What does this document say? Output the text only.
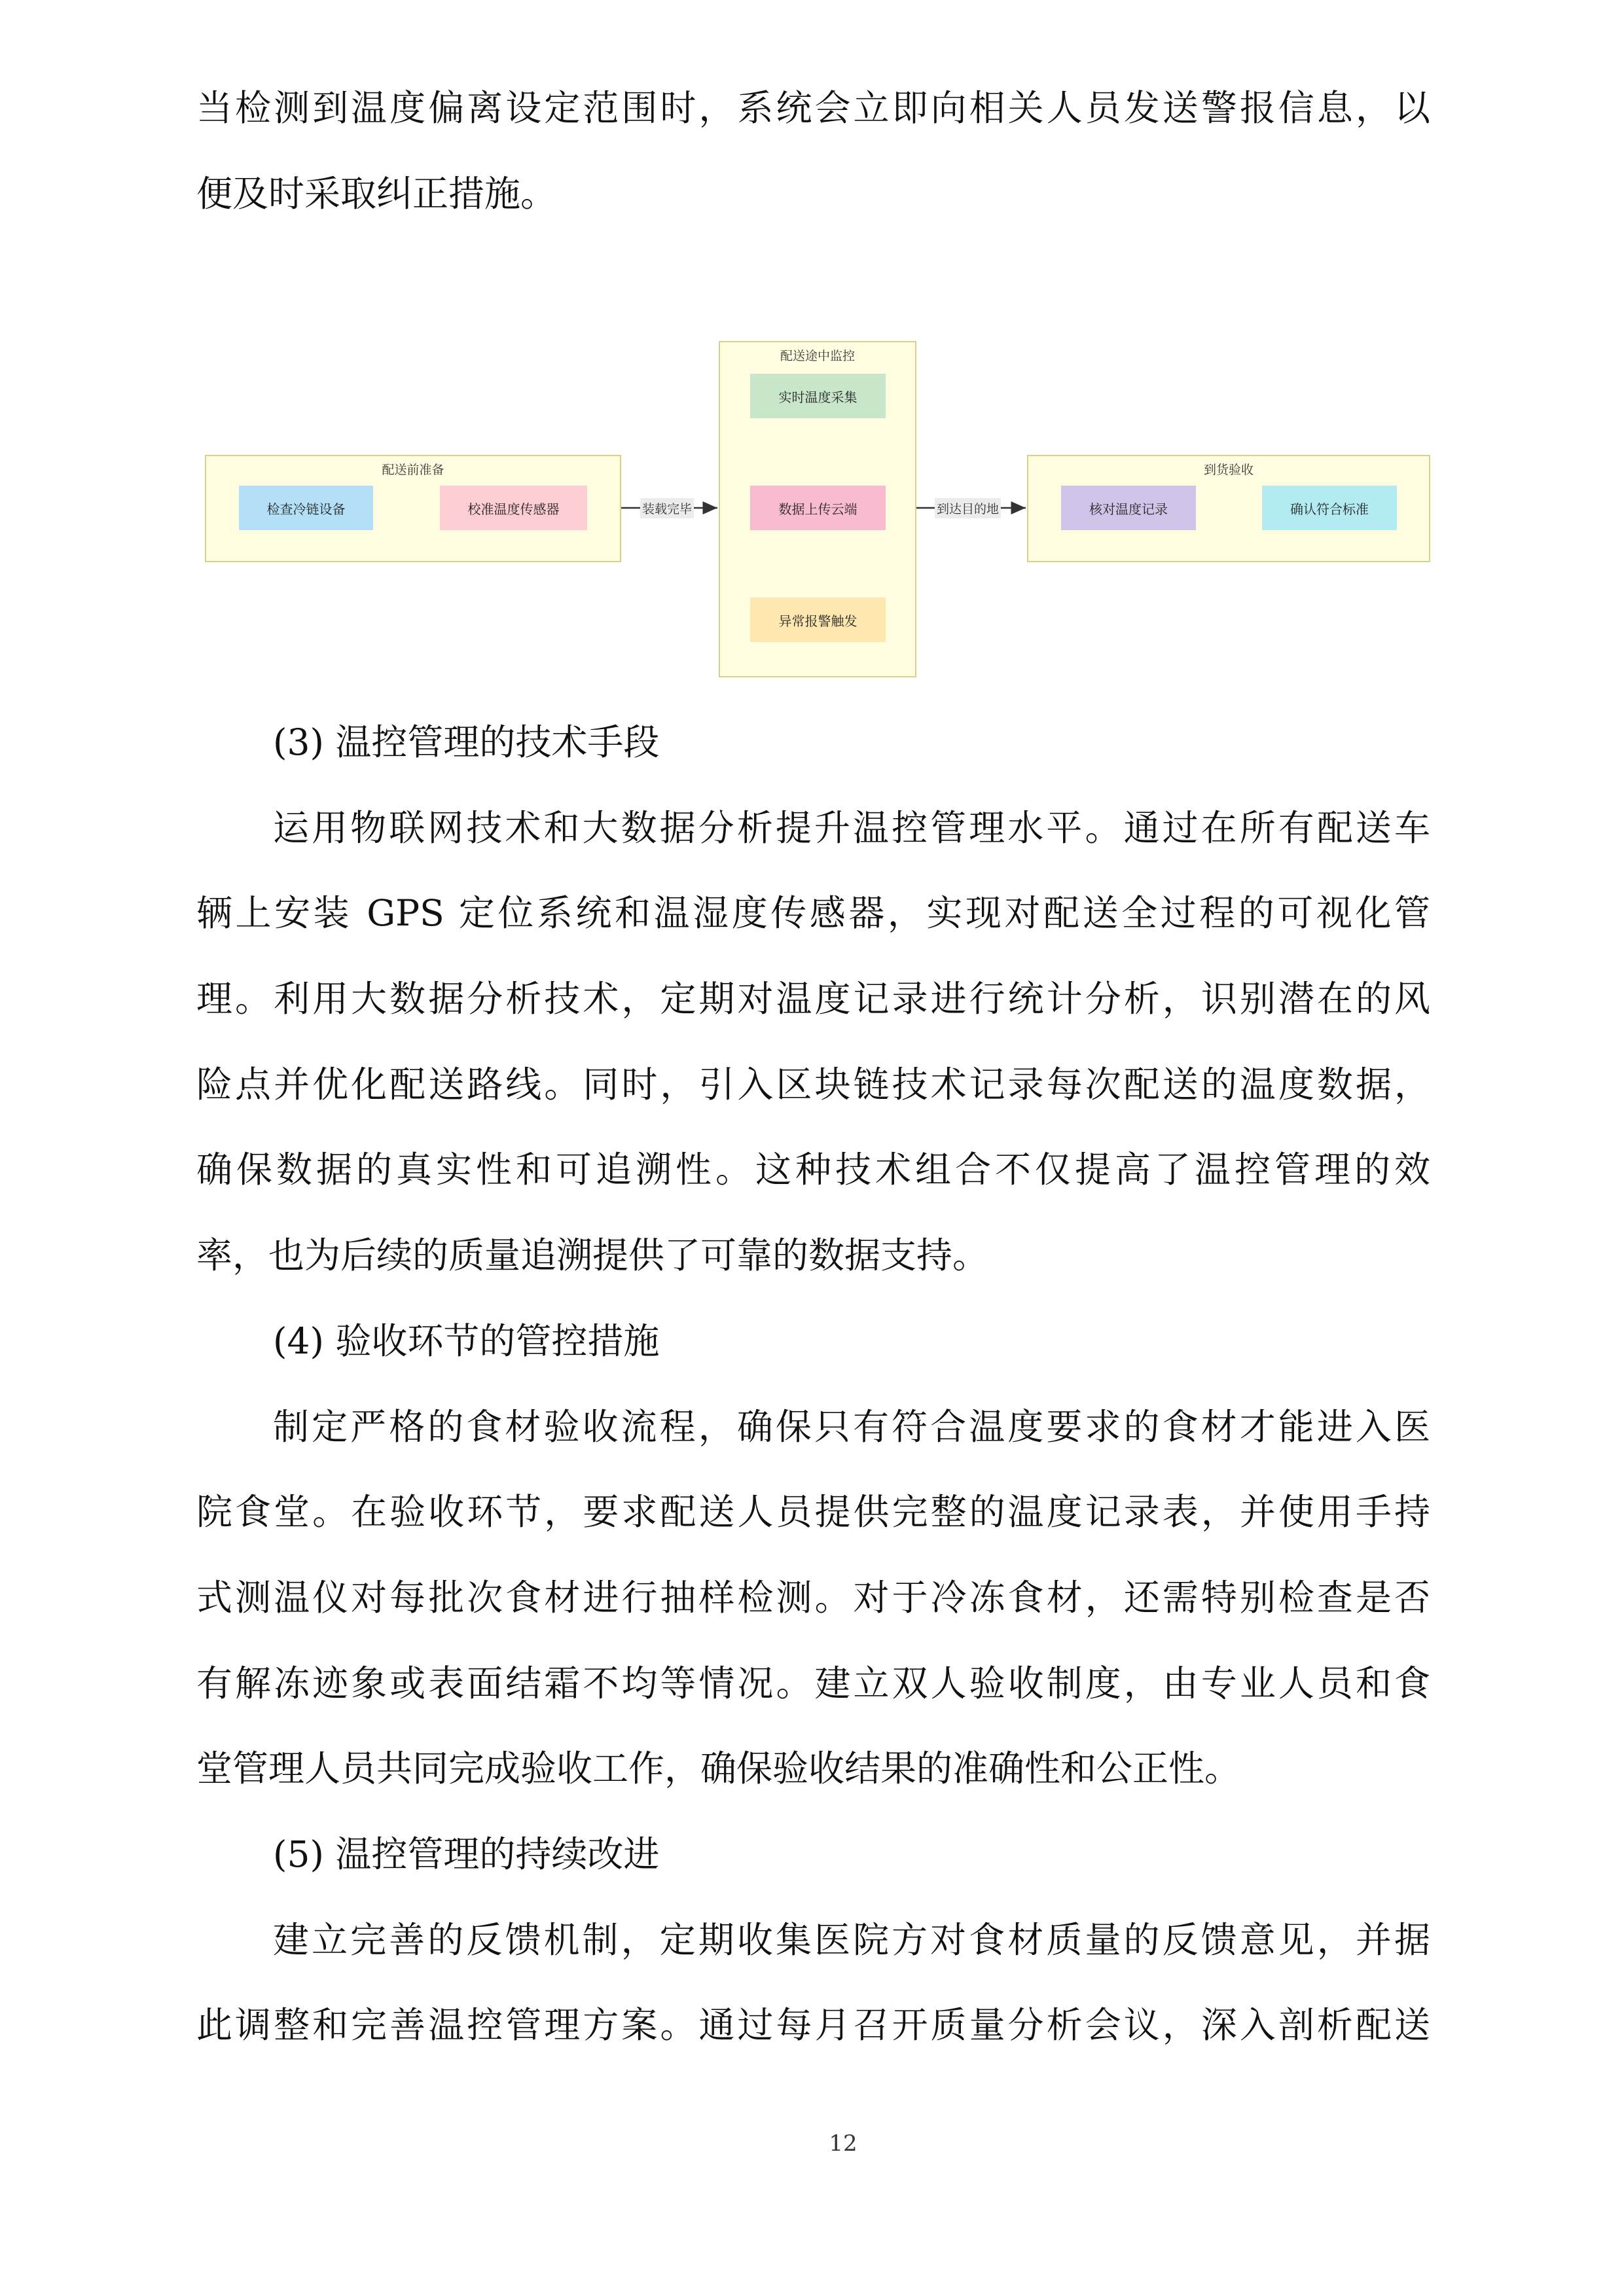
当检测到温度偏离设定范围时，系统会立即向相关人员发送警报信息，以
便及时采取纠正措施。
配送前准备
配送途中监控
到货验收
检查冷链设备	校准温度传感器
实时温度采集
数据上传云端
异常报警触发
核对温度记录	确认符合标准
装载完毕	到达目的地
(3) 温控管理的技术手段
运用物联网技术和大数据分析提升温控管理水平。通过在所有配送车
辆上安装 GPS 定位系统和温湿度传感器，实现对配送全过程的可视化管
理。利用大数据分析技术，定期对温度记录进行统计分析，识别潜在的风
险点并优化配送路线。同时，引入区块链技术记录每次配送的温度数据，
确保数据的真实性和可追溯性。这种技术组合不仅提高了温控管理的效
率，也为后续的质量追溯提供了可靠的数据支持。
(4) 验收环节的管控措施
制定严格的食材验收流程，确保只有符合温度要求的食材才能进入医
院食堂。在验收环节，要求配送人员提供完整的温度记录表，并使用手持
式测温仪对每批次食材进行抽样检测。对于冷冻食材，还需特别检查是否
有解冻迹象或表面结霜不均等情况。建立双人验收制度，由专业人员和食
堂管理人员共同完成验收工作，确保验收结果的准确性和公正性。
(5) 温控管理的持续改进
建立完善的反馈机制，定期收集医院方对食材质量的反馈意见，并据
此调整和完善温控管理方案。通过每月召开质量分析会议，深入剖析配送
12
